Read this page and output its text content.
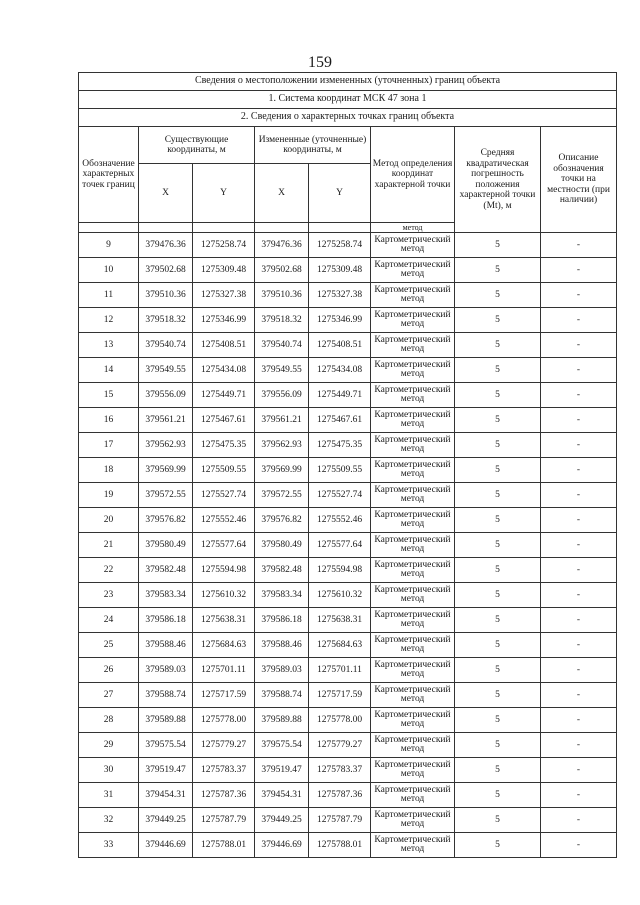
159
Сведения о местоположении измененных (уточненных) границ объекта							
1. Система координат МСК 47 зона 1							
2. Сведения о характерных точках границ объекта							
Обозначение характерных точек границ	Существующие координаты, м		Измененные (уточненные) координаты, м		Метод определения координат характерной точки	Средняя квадратическая погрешность положения характерной точки (Mt), м	Описание обозначения точки на местности (при наличии)
	X	Y	X	Y			
					метод		
9	379476.36	1275258.74	379476.36	1275258.74	Картометрический метод	5	-
10	379502.68	1275309.48	379502.68	1275309.48	Картометрический метод	5	-
11	379510.36	1275327.38	379510.36	1275327.38	Картометрический метод	5	-
12	379518.32	1275346.99	379518.32	1275346.99	Картометрический метод	5	-
13	379540.74	1275408.51	379540.74	1275408.51	Картометрический метод	5	-
14	379549.55	1275434.08	379549.55	1275434.08	Картометрический метод	5	-
15	379556.09	1275449.71	379556.09	1275449.71	Картометрический метод	5	-
16	379561.21	1275467.61	379561.21	1275467.61	Картометрический метод	5	-
17	379562.93	1275475.35	379562.93	1275475.35	Картометрический метод	5	-
18	379569.99	1275509.55	379569.99	1275509.55	Картометрический метод	5	-
19	379572.55	1275527.74	379572.55	1275527.74	Картометрический метод	5	-
20	379576.82	1275552.46	379576.82	1275552.46	Картометрический метод	5	-
21	379580.49	1275577.64	379580.49	1275577.64	Картометрический метод	5	-
22	379582.48	1275594.98	379582.48	1275594.98	Картометрический метод	5	-
23	379583.34	1275610.32	379583.34	1275610.32	Картометрический метод	5	-
24	379586.18	1275638.31	379586.18	1275638.31	Картометрический метод	5	-
25	379588.46	1275684.63	379588.46	1275684.63	Картометрический метод	5	-
26	379589.03	1275701.11	379589.03	1275701.11	Картометрический метод	5	-
27	379588.74	1275717.59	379588.74	1275717.59	Картометрический метод	5	-
28	379589.88	1275778.00	379589.88	1275778.00	Картометрический метод	5	-
29	379575.54	1275779.27	379575.54	1275779.27	Картометрический метод	5	-
30	379519.47	1275783.37	379519.47	1275783.37	Картометрический метод	5	-
31	379454.31	1275787.36	379454.31	1275787.36	Картометрический метод	5	-
32	379449.25	1275787.79	379449.25	1275787.79	Картометрический метод	5	-
33	379446.69	1275788.01	379446.69	1275788.01	Картометрический метод	5	-
